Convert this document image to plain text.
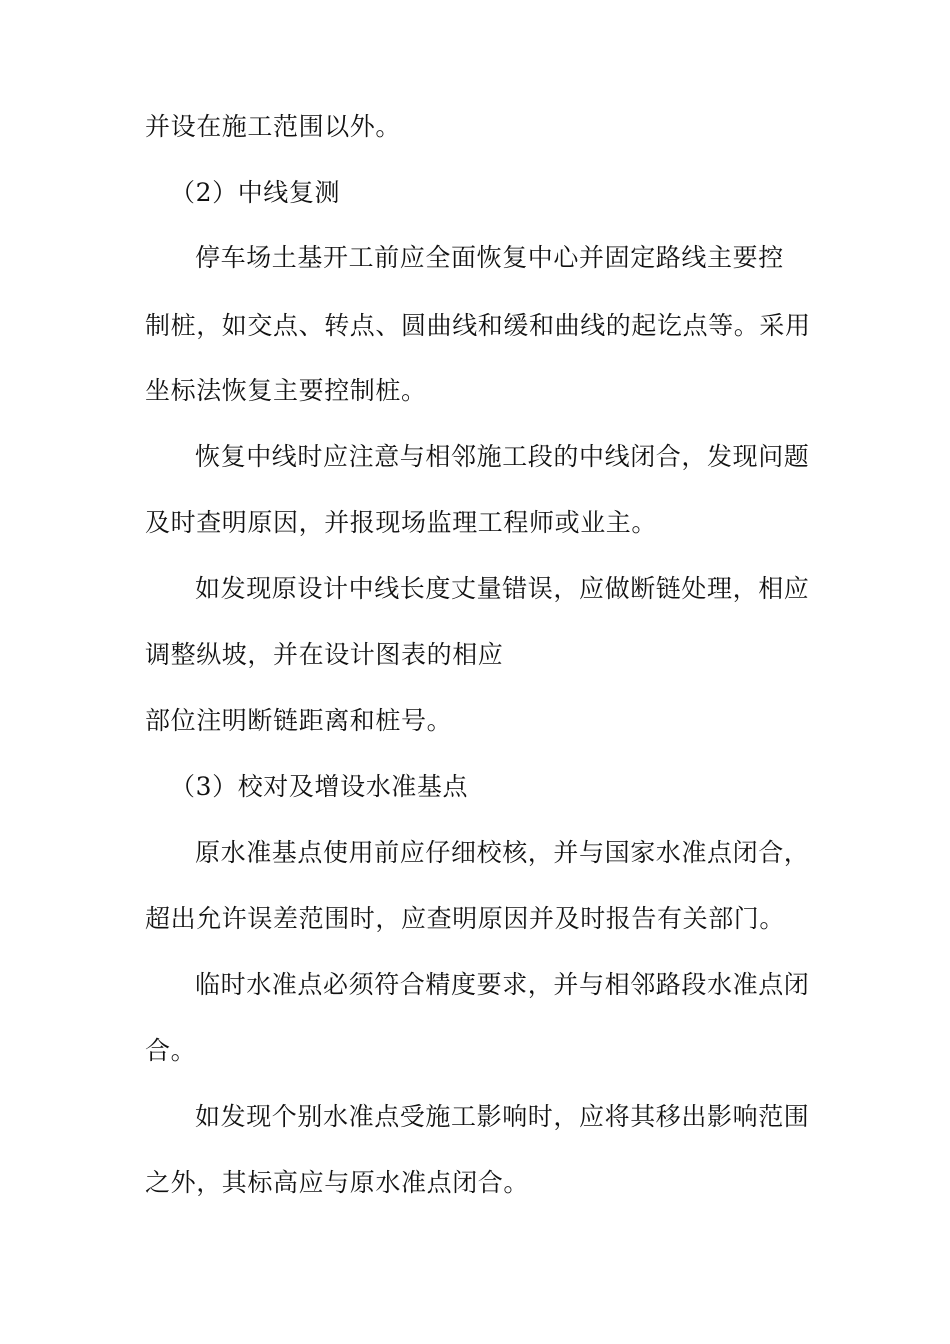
并设在施工范围以外。
（2）中线复测
停车场土基开工前应全面恢复中心并固定路线主要控
制桩，如交点、转点、圆曲线和缓和曲线的起讫点等。采用
坐标法恢复主要控制桩。
恢复中线时应注意与相邻施工段的中线闭合，发现问题
及时查明原因，并报现场监理工程师或业主。
如发现原设计中线长度丈量错误，应做断链处理，相应
调整纵坡，并在设计图表的相应
部位注明断链距离和桩号。
（3）校对及增设水准基点
原水准基点使用前应仔细校核，并与国家水准点闭合，
超出允许误差范围时，应查明原因并及时报告有关部门。
临时水准点必须符合精度要求，并与相邻路段水准点闭
合。
如发现个别水准点受施工影响时，应将其移出影响范围
之外，其标高应与原水准点闭合。
